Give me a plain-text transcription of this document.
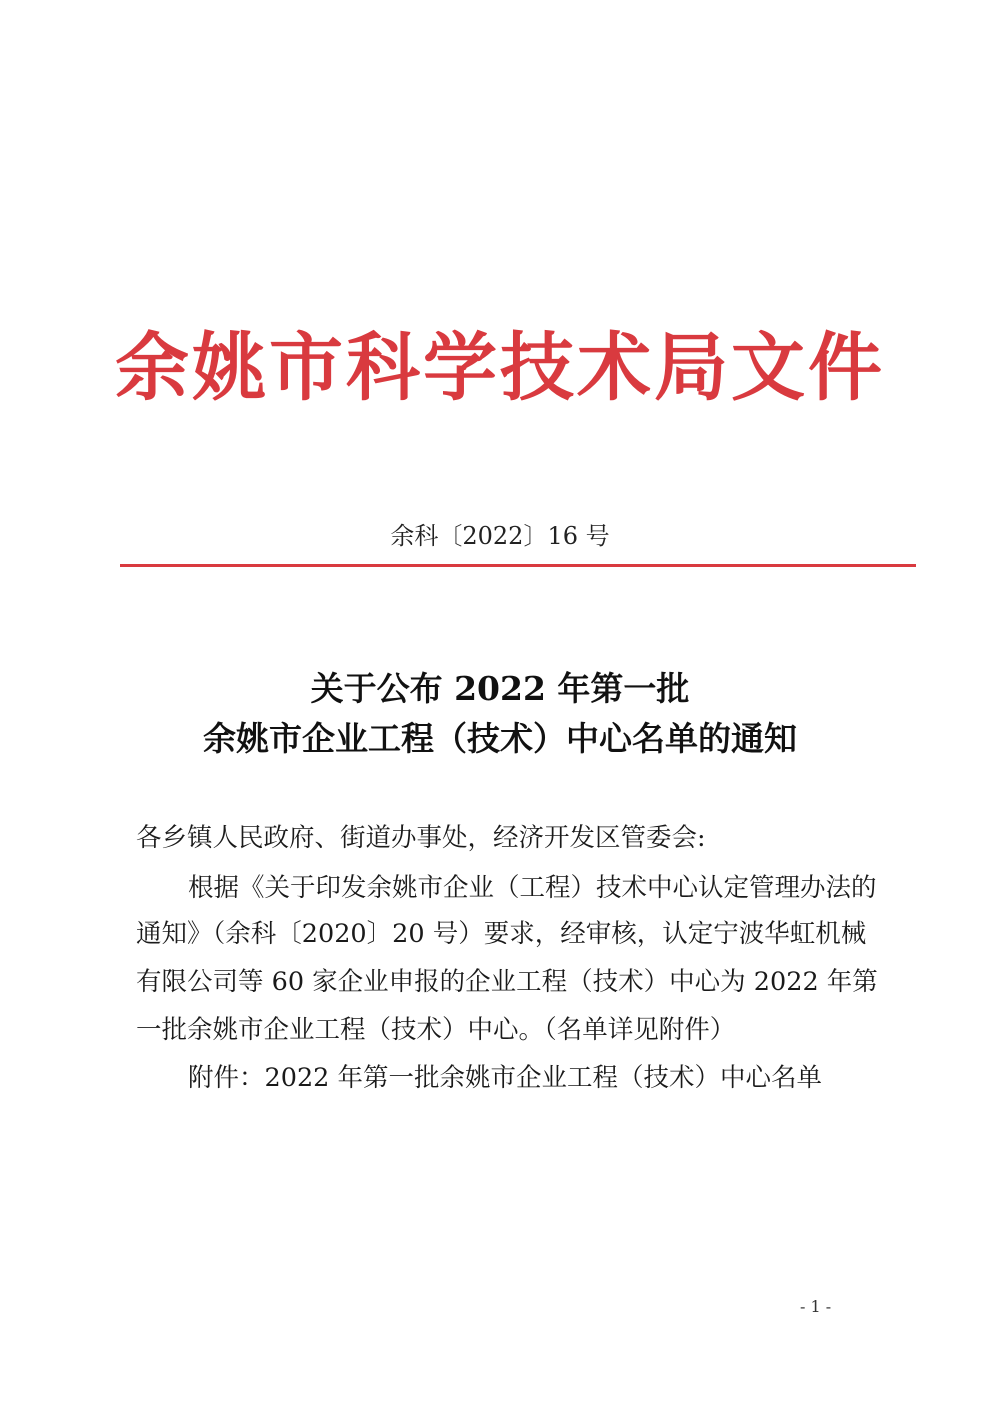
余姚市科学技术局文件
余科〔2022〕16 号
关于公布 2022 年第一批
余姚市企业工程（技术）中心名单的通知
各乡镇人民政府、街道办事处，经济开发区管委会:
根据《关于印发余姚市企业（工程）技术中心认定管理办法的
通知》（余科〔2020〕20 号）要求，经审核，认定宁波华虹机械
有限公司等 60 家企业申报的企业工程（技术）中心为 2022 年第
一批余姚市企业工程（技术）中心。（名单详见附件）
附件：2022 年第一批余姚市企业工程（技术）中心名单
- 1 -
